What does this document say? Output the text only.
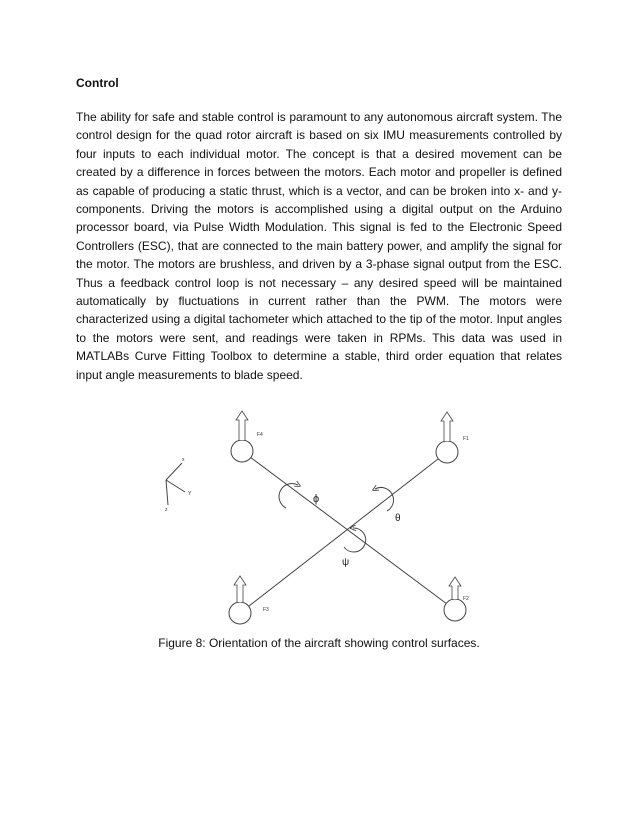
Control

The ability for safe and stable control is paramount to any autonomous aircraft system. The control design for the quad rotor aircraft is based on six IMU measurements controlled by four inputs to each individual motor. The concept is that a desired movement can be created by a difference in forces between the motors. Each motor and propeller is defined as capable of producing a static thrust, which is a vector, and can be broken into x- and y-components. Driving the motors is accomplished using a digital output on the Arduino processor board, via Pulse Width Modulation. This signal is fed to the Electronic Speed Controllers (ESC), that are connected to the main battery power, and amplify the signal for the motor. The motors are brushless, and driven by a 3-phase signal output from the ESC. Thus a feedback control loop is not necessary – any desired speed will be maintained automatically by fluctuations in current rather than the PWM. The motors were characterized using a digital tachometer which attached to the tip of the motor. Input angles to the motors were sent, and readings were taken in RPMs. This data was used in MATLABs Curve Fitting Toolbox to determine a stable, third order equation that relates input angle measurements to blade speed.

F4
F1
F3
F2
ϕ
θ
ψ
x
Y
z
Figure 8: Orientation of the aircraft showing control surfaces.
